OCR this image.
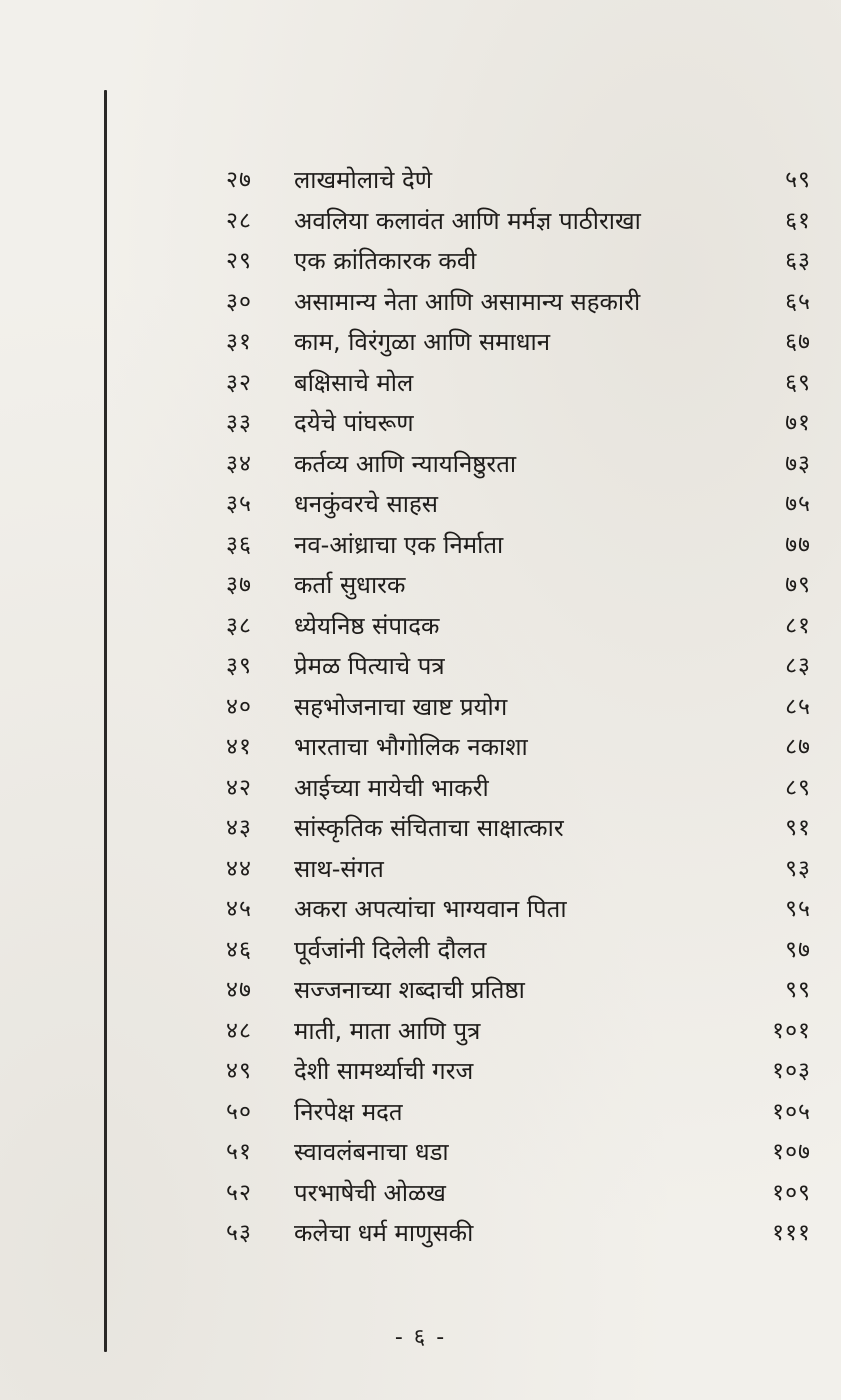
२७ लाखमोलाचे देणे	५९
२८ अवलिया कलावंत आणि मर्मज्ञ पाठीराखा	६१
२९ एक क्रांतिकारक कवी	६३
३० असामान्य नेता आणि असामान्य सहकारी	६५
३१ काम, विरंगुळा आणि समाधान	६७
३२ बक्षिसाचे मोल	६९
३३ दयेचे पांघरूण	७१
३४ कर्तव्य आणि न्यायनिष्ठुरता	७३
३५ धनकुंवरचे साहस	७५
३६ नव-आंध्राचा एक निर्माता	७७
३७ कर्ता सुधारक	७९
३८ ध्येयनिष्ठ संपादक	८१
३९ प्रेमळ पित्याचे पत्र	८३
४० सहभोजनाचा खाष्ट प्रयोग	८५
४१ भारताचा भौगोलिक नकाशा	८७
४२ आईच्या मायेची भाकरी	८९
४३ सांस्कृतिक संचिताचा साक्षात्कार	९१
४४ साथ-संगत	९३
४५ अकरा अपत्यांचा भाग्यवान पिता	९५
४६ पूर्वजांनी दिलेली दौलत	९७
४७ सज्जनाच्या शब्दाची प्रतिष्ठा	९९
४८ माती, माता आणि पुत्र	१०१
४९ देशी सामर्थ्याची गरज	१०३
५० निरपेक्ष मदत	१०५
५१ स्वावलंबनाचा धडा	१०७
५२ परभाषेची ओळख	१०९
५३ कलेचा धर्म माणुसकी	१११
- ६ -
